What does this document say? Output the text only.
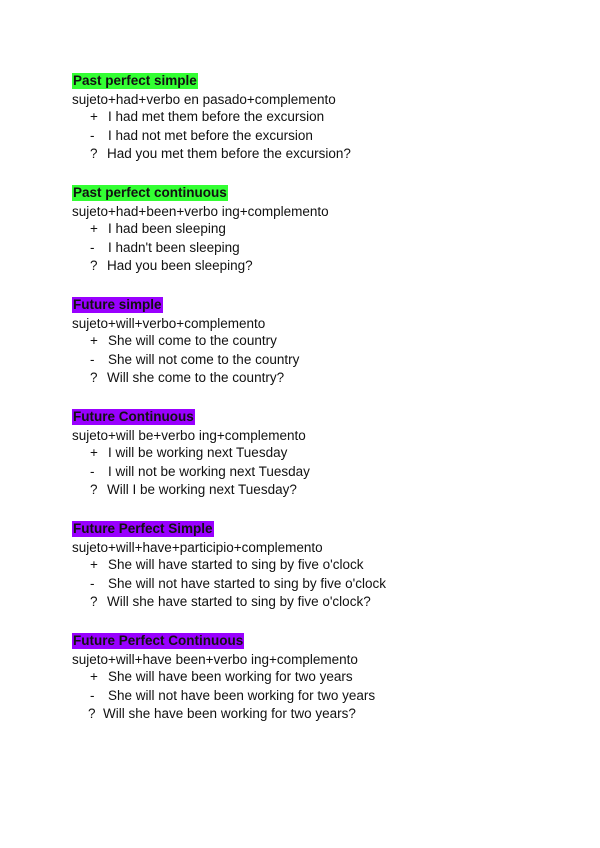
Past perfect simple
sujeto+had+verbo en pasado+complemento
+ I had met them before the excursion
-	I had not met before the excursion
? Had you met them before the excursion?
Past perfect continuous
sujeto+had+been+verbo ing+complemento
+ I had been sleeping
-	I hadn't been sleeping
? Had you been sleeping?
Future simple
sujeto+will+verbo+complemento
+ She will come to the country
-	She will not come to the country
? Will she come to the country?
Future Continuous
sujeto+will be+verbo ing+complemento
+ I will be working next Tuesday
-	I will not be working next Tuesday
? Will I be working next Tuesday?
Future Perfect Simple
sujeto+will+have+participio+complemento
+ She will have started to sing by five o'clock
-	She will not have started to sing by five o'clock
? Will she have started to sing by five o'clock?
Future Perfect Continuous
sujeto+will+have been+verbo ing+complemento
+ She will have been working for two years
-	She will not have been working for two years
? Will she have been working for two years?
